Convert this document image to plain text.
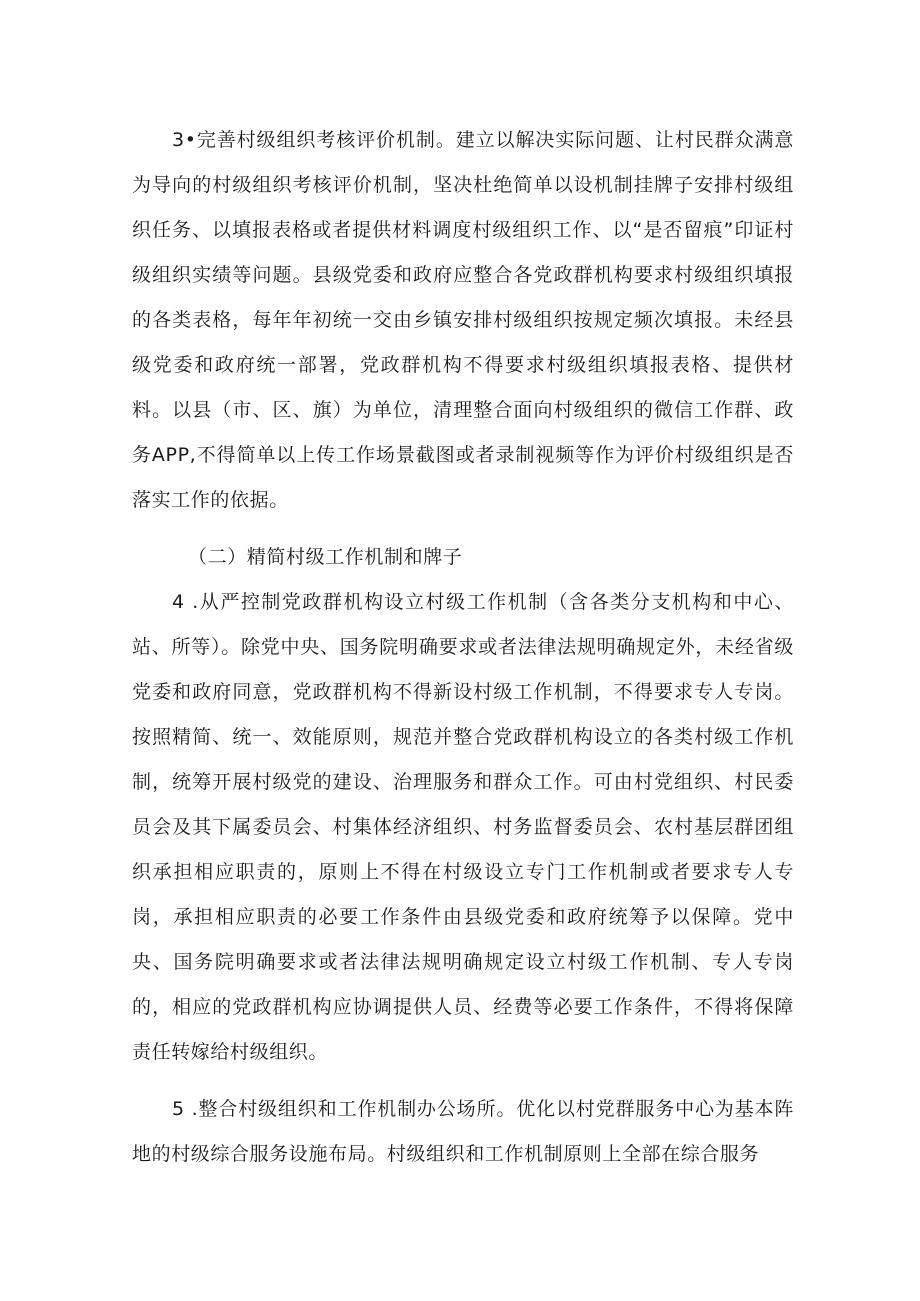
3•完善村级组织考核评价机制。建立以解决实际问题、让村民群众满意为导向的村级组织考核评价机制，坚决杜绝简单以设机制挂牌子安排村级组织任务、以填报表格或者提供材料调度村级组织工作、以“是否留痕”印证村级组织实绩等问题。县级党委和政府应整合各党政群机构要求村级组织填报的各类表格，每年年初统一交由乡镇安排村级组织按规定频次填报。未经县级党委和政府统一部署，党政群机构不得要求村级组织填报表格、提供材料。以县（市、区、旗）为单位，清理整合面向村级组织的微信工作群、政务APP,不得简单以上传工作场景截图或者录制视频等作为评价村级组织是否落实工作的依据。

（二）精简村级工作机制和牌子

4 .从严控制党政群机构设立村级工作机制（含各类分支机构和中心、站、所等）。除党中央、国务院明确要求或者法律法规明确规定外，未经省级党委和政府同意，党政群机构不得新设村级工作机制，不得要求专人专岗。按照精简、统一、效能原则，规范并整合党政群机构设立的各类村级工作机制，统筹开展村级党的建设、治理服务和群众工作。可由村党组织、村民委员会及其下属委员会、村集体经济组织、村务监督委员会、农村基层群团组织承担相应职责的，原则上不得在村级设立专门工作机制或者要求专人专岗，承担相应职责的必要工作条件由县级党委和政府统筹予以保障。党中央、国务院明确要求或者法律法规明确规定设立村级工作机制、专人专岗的，相应的党政群机构应协调提供人员、经费等必要工作条件，不得将保障责任转嫁给村级组织。

5 .整合村级组织和工作机制办公场所。优化以村党群服务中心为基本阵地的村级综合服务设施布局。村级组织和工作机制原则上全部在综合服务
